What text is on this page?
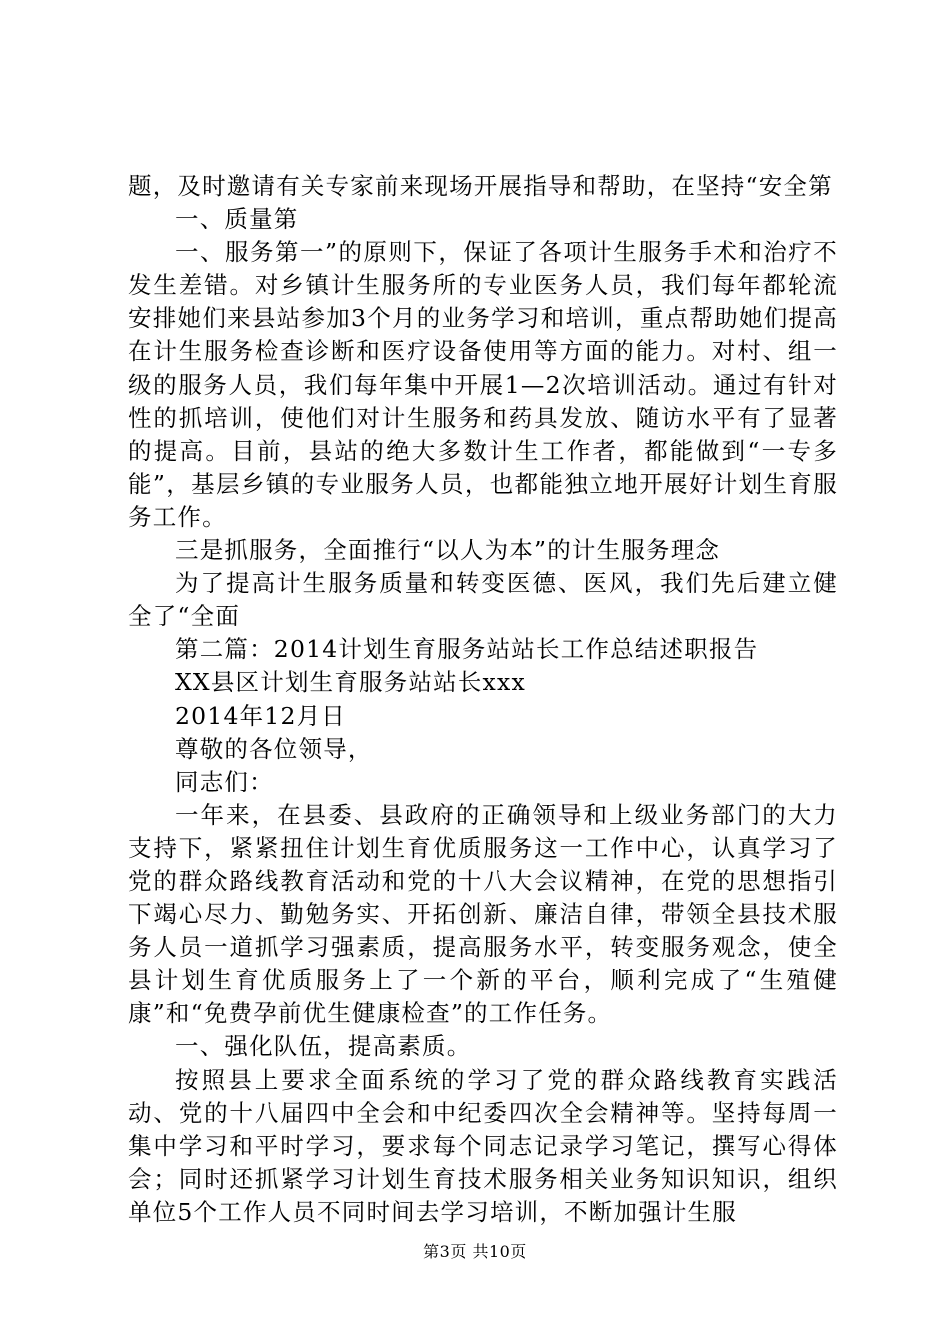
题，及时邀请有关专家前来现场开展指导和帮助，在坚持“安全第

一、质量第

一、服务第一”的原则下，保证了各项计生服务手术和治疗不发生差错。对乡镇计生服务所的专业医务人员，我们每年都轮流安排她们来县站参加3个月的业务学习和培训，重点帮助她们提高在计生服务检查诊断和医疗设备使用等方面的能力。对村、组一级的服务人员，我们每年集中开展1—2次培训活动。通过有针对性的抓培训，使他们对计生服务和药具发放、随访水平有了显著的提高。目前，县站的绝大多数计生工作者，都能做到“一专多能”，基层乡镇的专业服务人员，也都能独立地开展好计划生育服务工作。

三是抓服务，全面推行“以人为本”的计生服务理念

为了提高计生服务质量和转变医德、医风，我们先后建立健全了“全面

第二篇：2014计划生育服务站站长工作总结述职报告

XX县区计划生育服务站站长xxx

2014年12月日

尊敬的各位领导，

同志们：

一年来，在县委、县政府的正确领导和上级业务部门的大力支持下，紧紧扭住计划生育优质服务这一工作中心，认真学习了党的群众路线教育活动和党的十八大会议精神，在党的思想指引下竭心尽力、勤勉务实、开拓创新、廉洁自律，带领全县技术服务人员一道抓学习强素质，提高服务水平，转变服务观念，使全县计划生育优质服务上了一个新的平台，顺利完成了“生殖健康”和“免费孕前优生健康检查”的工作任务。

一、强化队伍，提高素质。

按照县上要求全面系统的学习了党的群众路线教育实践活动、党的十八届四中全会和中纪委四次全会精神等。坚持每周一集中学习和平时学习，要求每个同志记录学习笔记，撰写心得体会；同时还抓紧学习计划生育技术服务相关业务知识知识，组织单位5个工作人员不同时间去学习培训，不断加强计生服

第3页 共10页
